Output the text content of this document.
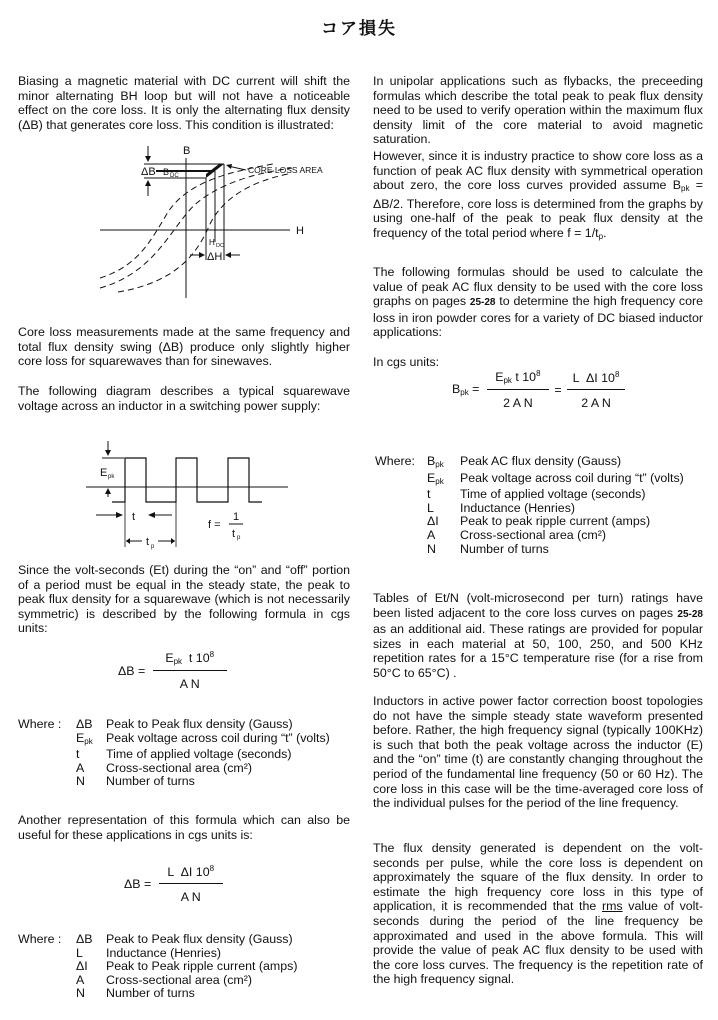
コア損失

Biasing a magnetic material with DC current will shift the minor alternating BH loop but will not have a noticeable effect on the core loss. It is only the alternating flux density (ΔB) that generates core loss. This condition is illustrated:

B
H
ΔB B DC
CORE LOSS AREA
H DC
ΔH

Core loss measurements made at the same frequency and total flux density swing (ΔB) produce only slightly higher core loss for squarewaves than for sinewaves.

The following diagram describes a typical squarewave voltage across an inductor in a switching power supply:

E pk
t
t p
f =
1
t p

Since the volt-seconds (Et) during the “on” and “off” portion of a period must be equal in the steady state, the peak to peak flux density for a squarewave (which is not necessarily symmetric) is described by the following formula in cgs units:

$\Delta B = \frac{E_{pk} t 10^8}{\text{A N}}$
Where :	ΔB	Peak to Peak flux density (Gauss)
	$E_{pk}$	Peak voltage across coil during “t” (volts)
	t	Time of applied voltage (seconds)
	A	Cross-sectional area (cm²)
	N	Number of turns

Another representation of this formula which can also be useful for these applications in cgs units is:

$\Delta B = \frac{L \Delta I 10^8}{\text{A N}}$
Where :	ΔB	Peak to Peak flux density (Gauss)
	L	Inductance (Henries)
	ΔI	Peak to Peak ripple current (amps)
	A	Cross-sectional area (cm²)
	N	Number of turns

In unipolar applications such as flybacks, the preceeding formulas which describe the total peak to peak flux density need to be used to verify operation within the maximum flux density limit of the core material to avoid magnetic saturation.

However, since it is industry practice to show core loss as a function of peak AC flux density with symmetrical operation about zero, the core loss curves provided assume $B_{pk} = \Delta B/2$. Therefore, core loss is determined from the graphs by using one-half of the peak to peak flux density at the frequency of the total period where $f = 1/t_p$.

The following formulas should be used to calculate the value of peak AC flux density to be used with the core loss graphs on pages 25-28 to determine the high frequency core loss in iron powder cores for a variety of DC biased inductor applications:

In cgs units:

$B_{pk} = \frac{E_{pk} t 10^8}{\text{2 A N}} = \frac{L \Delta I 10^8}{\text{2 A N}}$
Where:	$B_{pk}$	Peak AC flux density (Gauss)
	$E_{pk}$	Peak voltage across coil during “t” (volts)
	t	Time of applied voltage (seconds)
	L	Inductance (Henries)
	ΔI	Peak to peak ripple current (amps)
	A	Cross-sectional area (cm²)
	N	Number of turns

Tables of Et/N (volt-microsecond per turn) ratings have been listed adjacent to the core loss curves on pages 25-28 as an additional aid. These ratings are provided for popular sizes in each material at 50, 100, 250, and 500 KHz repetition rates for a 15°C temperature rise (for a rise from 50°C to 65°C) .

Inductors in active power factor correction boost topologies do not have the simple steady state waveform presented before. Rather, the high frequency signal (typically 100KHz) is such that both the peak voltage across the inductor (E) and the “on” time (t) are constantly changing throughout the period of the fundamental line frequency (50 or 60 Hz). The core loss in this case will be the time-averaged core loss of the individual pulses for the period of the line frequency.

The flux density generated is dependent on the volt-seconds per pulse, while the core loss is dependent on approximately the square of the flux density. In order to estimate the high frequency core loss in this type of application, it is recommended that the rms value of volt-seconds during the period of the line frequency be approximated and used in the above formula. This will provide the value of peak AC flux density to be used with the core loss curves. The frequency is the repetition rate of the high frequency signal.
